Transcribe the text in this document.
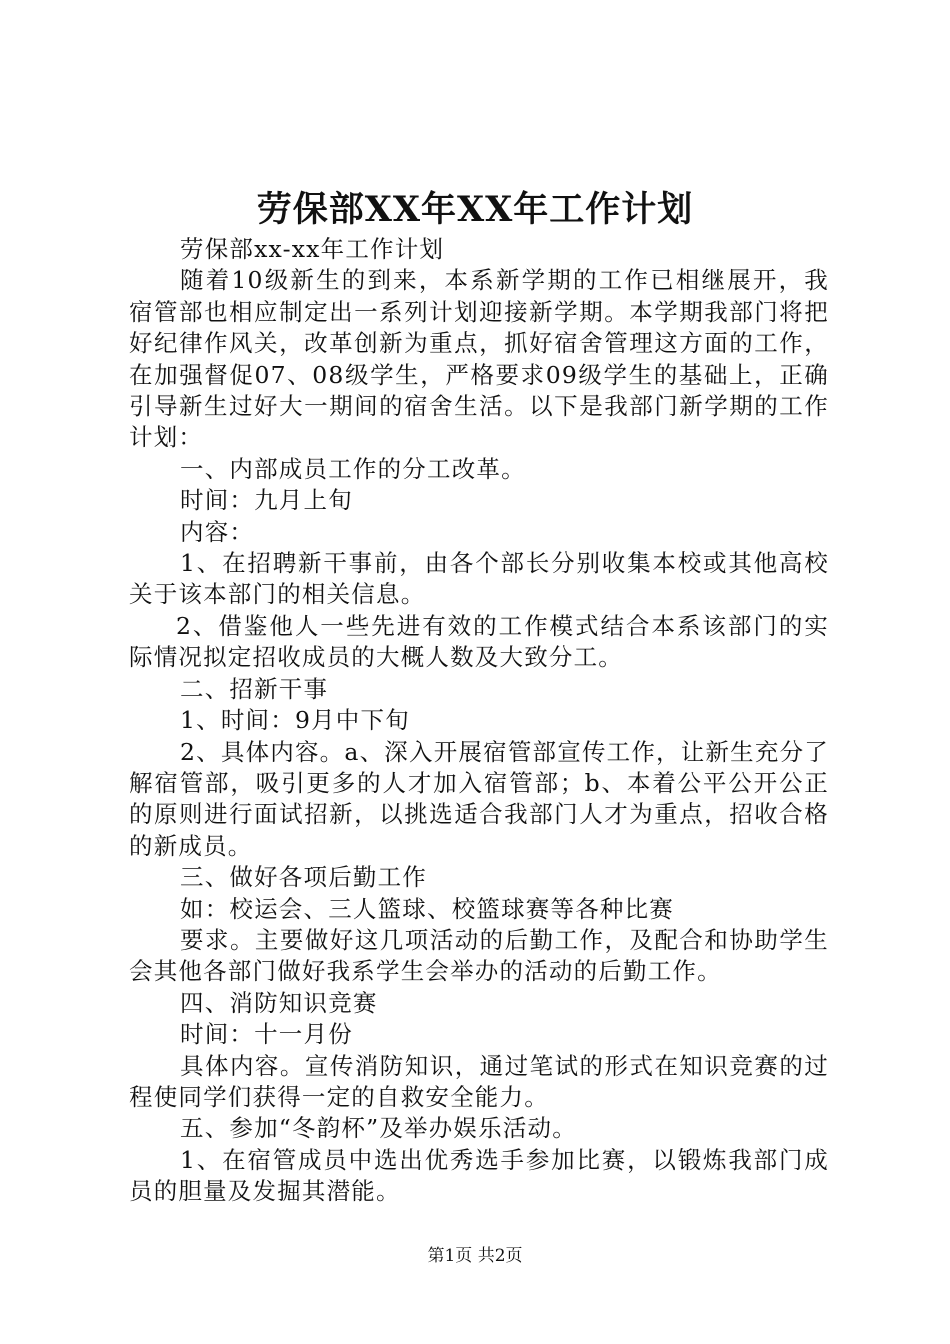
劳保部XX年XX年工作计划

劳保部xx-xx年工作计划

随着10级新生的到来，本系新学期的工作已相继展开，我宿管部也相应制定出一系列计划迎接新学期。本学期我部门将把好纪律作风关，改革创新为重点，抓好宿舍管理这方面的工作，在加强督促07、08级学生，严格要求09级学生的基础上，正确引导新生过好大一期间的宿舍生活。以下是我部门新学期的工作计划：

一、内部成员工作的分工改革。

时间：九月上旬

内容：

1、在招聘新干事前，由各个部长分别收集本校或其他高校关于该本部门的相关信息。

2、借鉴他人一些先进有效的工作模式结合本系该部门的实际情况拟定招收成员的大概人数及大致分工。

二、招新干事

1、时间：9月中下旬

2、具体内容。a、深入开展宿管部宣传工作，让新生充分了解宿管部，吸引更多的人才加入宿管部；b、本着公平公开公正的原则进行面试招新，以挑选适合我部门人才为重点，招收合格的新成员。

三、做好各项后勤工作

如：校运会、三人篮球、校篮球赛等各种比赛

要求。主要做好这几项活动的后勤工作，及配合和协助学生会其他各部门做好我系学生会举办的活动的后勤工作。

四、消防知识竞赛

时间：十一月份

具体内容。宣传消防知识，通过笔试的形式在知识竞赛的过程使同学们获得一定的自救安全能力。

五、参加“冬韵杯”及举办娱乐活动。

1、在宿管成员中选出优秀选手参加比赛，以锻炼我部门成员的胆量及发掘其潜能。

第1页 共2页
